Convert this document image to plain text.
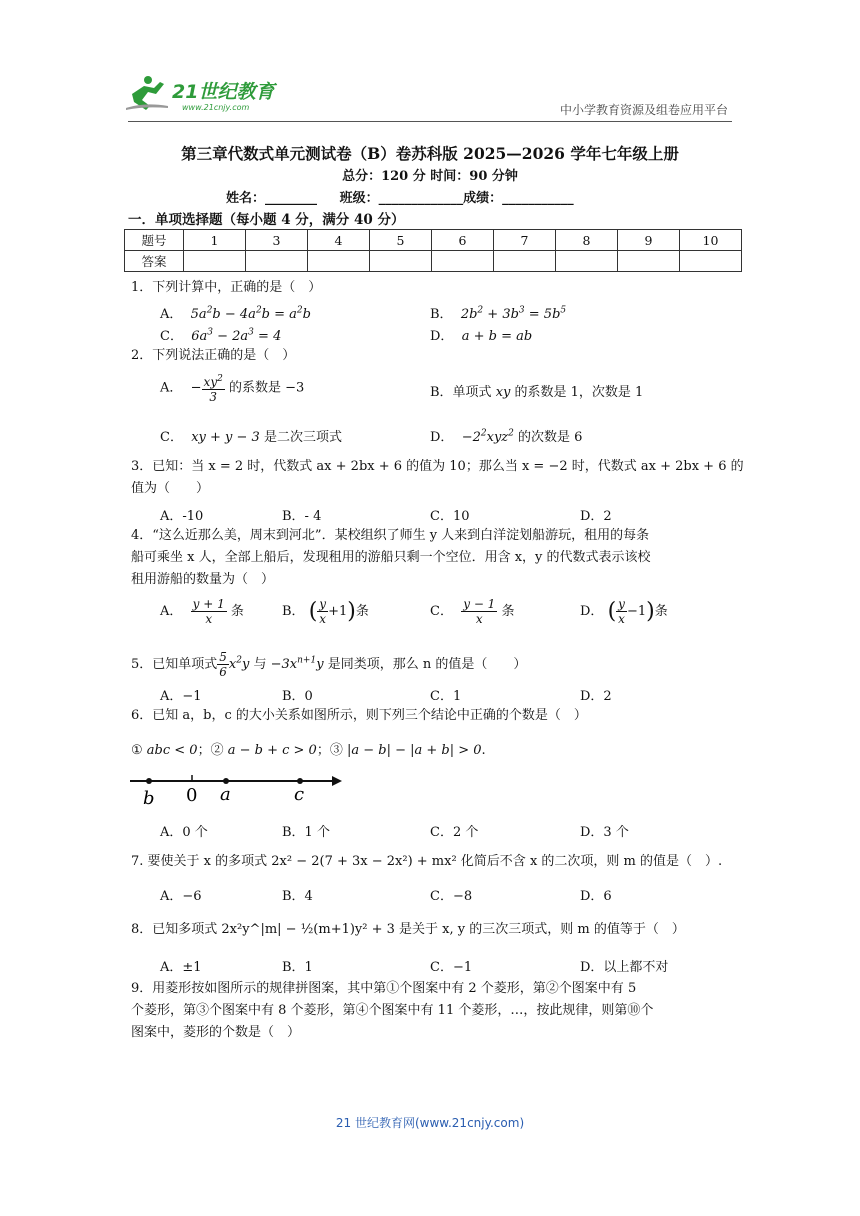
21世纪教育
www.21cnjy.com	中小学教育资源及组卷应用平台
第三章代数式单元测试卷（B）卷苏科版 2025—2026 学年七年级上册
总分：120 分 时间：90 分钟
姓名：________     班级：_____________成绩：___________
一．单项选择题（每小题 4 分，满分 40 分）
题号	1	3	4	5	6	7	8	9	10
答案									
1．下列计算中，正确的是（　）
A．  $5a^2b - 4a^2b = a^2b$	B．  $2b^2 + 3b^3 = 5b^5$
C．  $6a^3 - 2a^3 = 4$	D．  a + b = ab
2．下列说法正确的是（　）
A．  − $\frac{xy^2}{3}$ 的系数是 −3	B．单项式 xy 的系数是 1，次数是 1
C．  xy + y − 3 是二次三项式	D．  $-2^2xyz^2$ 的次数是 6
3．已知：当 x = 2 时，代数式 ax + 2bx + 6 的值为 10；那么当 x = −2 时，代数式 ax + 2bx + 6 的
值为（　　）
A．-10	B．- 4	C．10	D．2
4．“这么近那么美，周末到河北”．某校组织了师生 y 人来到白洋淀划船游玩，租用的每条
船可乘坐 x 人，全部上船后，发现租用的游船只剩一个空位．用含 x，y 的代数式表示该校
租用游船的数量为（　）
A． $\frac{y + 1}{x}$ 条	B． ( $\frac{y}{x} +1$)条	C． $\frac{y - 1}{x}$ 条	D． ( $\frac{y}{x} -1$)条
5．已知单项式 $\frac{5}{6} x^2y$ 与 $-3x^{n+1}y$ 是同类项，那么 n 的值是（　　）
A．−1	B．0	C．1	D．2
6．已知 a，b，c 的大小关系如图所示，则下列三个结论中正确的个数是（　）
① abc < 0；② a − b + c > 0；③ |a − b| − |a + b| > 0.
b 0 a	c
A．0 个	B．1 个	C．2 个	D．3 个
7. 要使关于 x 的多项式 2x² − 2(7 + 3x − 2x²) + mx² 化简后不含 x 的二次项，则 m 的值是（　）.
A．−6	B．4	C．−8	D．6
8．已知多项式 2x²y^|m| − ½(m+1)y² + 3 是关于 x, y 的三次三项式，则 m 的值等于（　）
A．±1	B．1	C．−1	D．以上都不对
9．用菱形按如图所示的规律拼图案，其中第①个图案中有 2 个菱形，第②个图案中有 5
个菱形，第③个图案中有 8 个菱形，第④个图案中有 11 个菱形，…，按此规律，则第⑩个
图案中，菱形的个数是（　）
21 世纪教育网(www.21cnjy.com)
